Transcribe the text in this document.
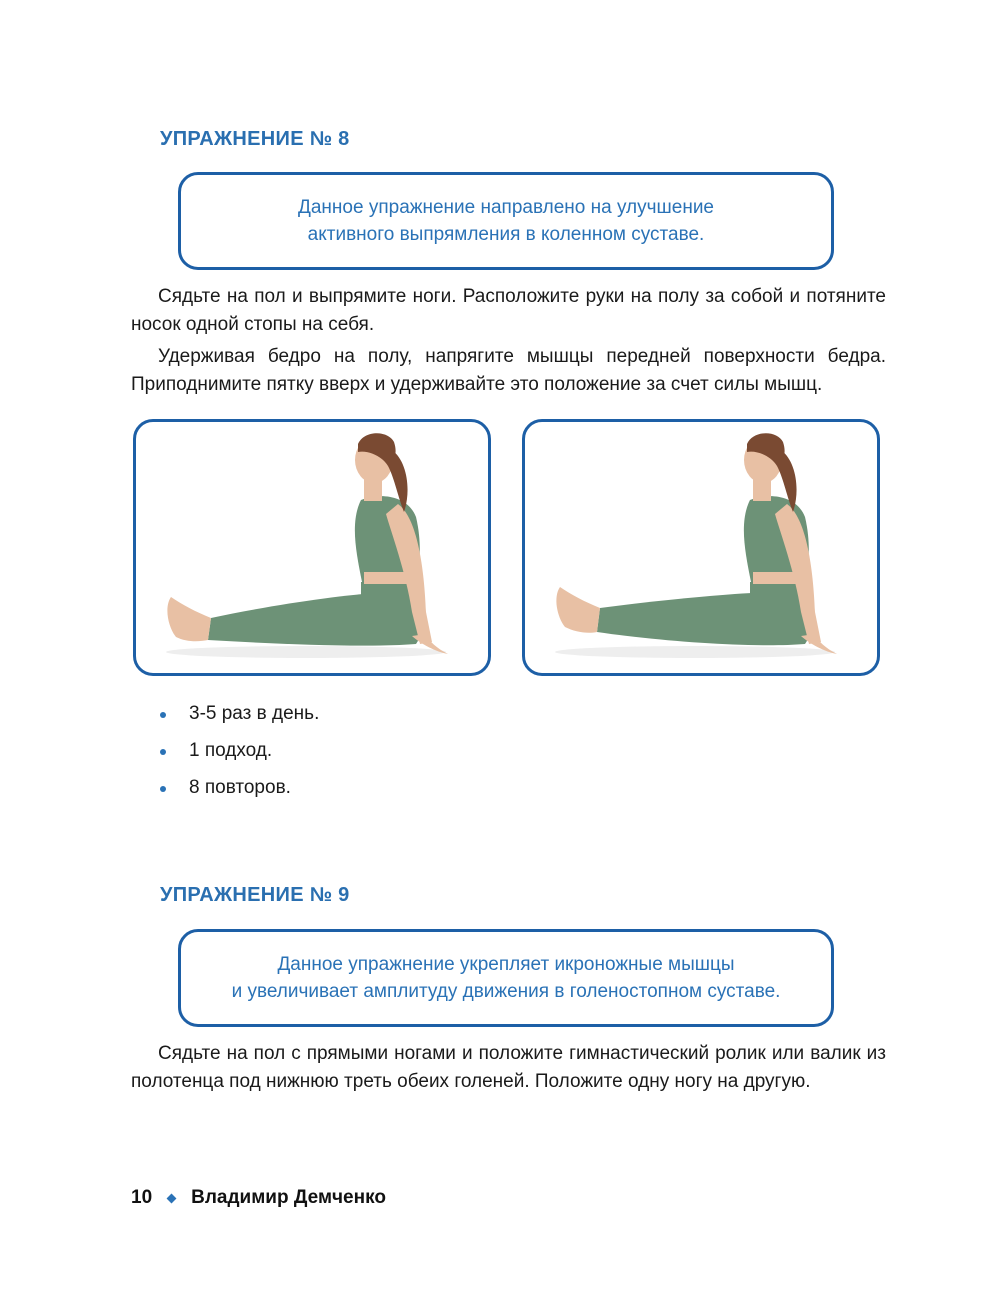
УПРАЖНЕНИЕ № 8
Данное упражнение направлено на улучшение
активного выпрямления в коленном суставе.
Сядьте на пол и выпрямите ноги. Расположите руки на полу за собой и потяните носок одной стопы на себя.
Удерживая бедро на полу, напрягите мышцы передней поверхности бедра. Приподнимите пятку вверх и удерживайте это положение за счет силы мышц.
3-5 раз в день.
1 подход.
8 повторов.
УПРАЖНЕНИЕ № 9
Данное упражнение укрепляет икроножные мышцы
и увеличивает амплитуду движения в голеностопном суставе.
Сядьте на пол с прямыми ногами и положите гимнастический ролик или валик из полотенца под нижнюю треть обеих голеней. Положите одну ногу на другую.
10 Владимир Демченко
